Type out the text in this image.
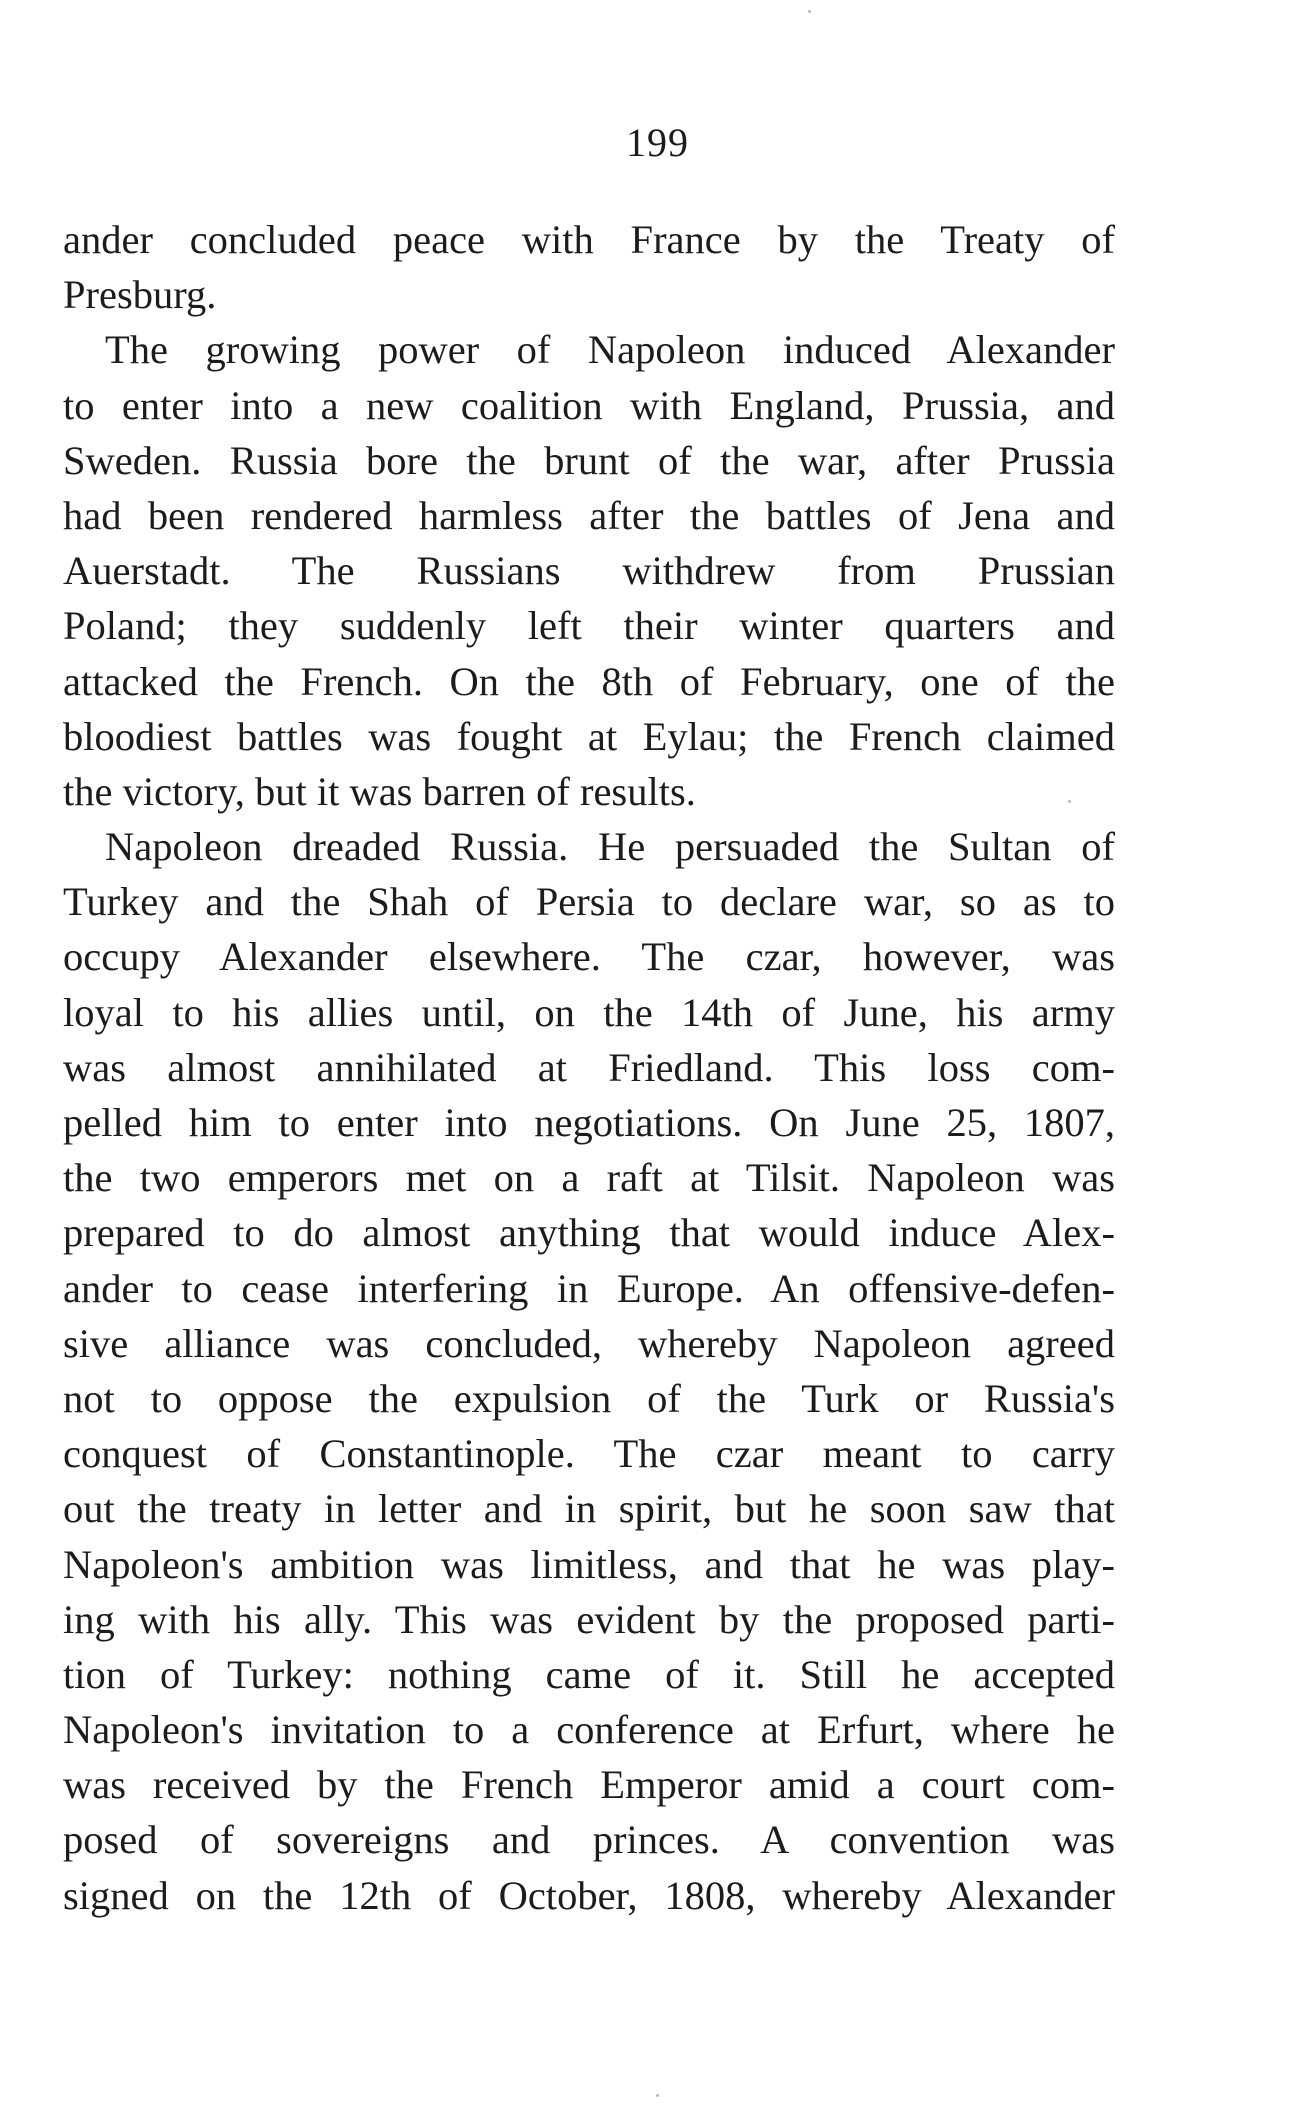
199
ander concluded peace with France by the Treaty of
Presburg.
The growing power of Napoleon induced Alexander
to enter into a new coalition with England, Prussia, and
Sweden. Russia bore the brunt of the war, after Prussia
had been rendered harmless after the battles of Jena and
Auerstadt. The Russians withdrew from Prussian
Poland; they suddenly left their winter quarters and
attacked the French. On the 8th of February, one of the
bloodiest battles was fought at Eylau; the French claimed
the victory, but it was barren of results.
Napoleon dreaded Russia. He persuaded the Sultan of
Turkey and the Shah of Persia to declare war, so as to
occupy Alexander elsewhere. The czar, however, was
loyal to his allies until, on the 14th of June, his army
was almost annihilated at Friedland. This loss com-
pelled him to enter into negotiations. On June 25, 1807,
the two emperors met on a raft at Tilsit. Napoleon was
prepared to do almost anything that would induce Alex-
ander to cease interfering in Europe. An offensive-defen-
sive alliance was concluded, whereby Napoleon agreed
not to oppose the expulsion of the Turk or Russia's
conquest of Constantinople. The czar meant to carry
out the treaty in letter and in spirit, but he soon saw that
Napoleon's ambition was limitless, and that he was play-
ing with his ally. This was evident by the proposed parti-
tion of Turkey: nothing came of it. Still he accepted
Napoleon's invitation to a conference at Erfurt, where he
was received by the French Emperor amid a court com-
posed of sovereigns and princes. A convention was
signed on the 12th of October, 1808, whereby Alexander
